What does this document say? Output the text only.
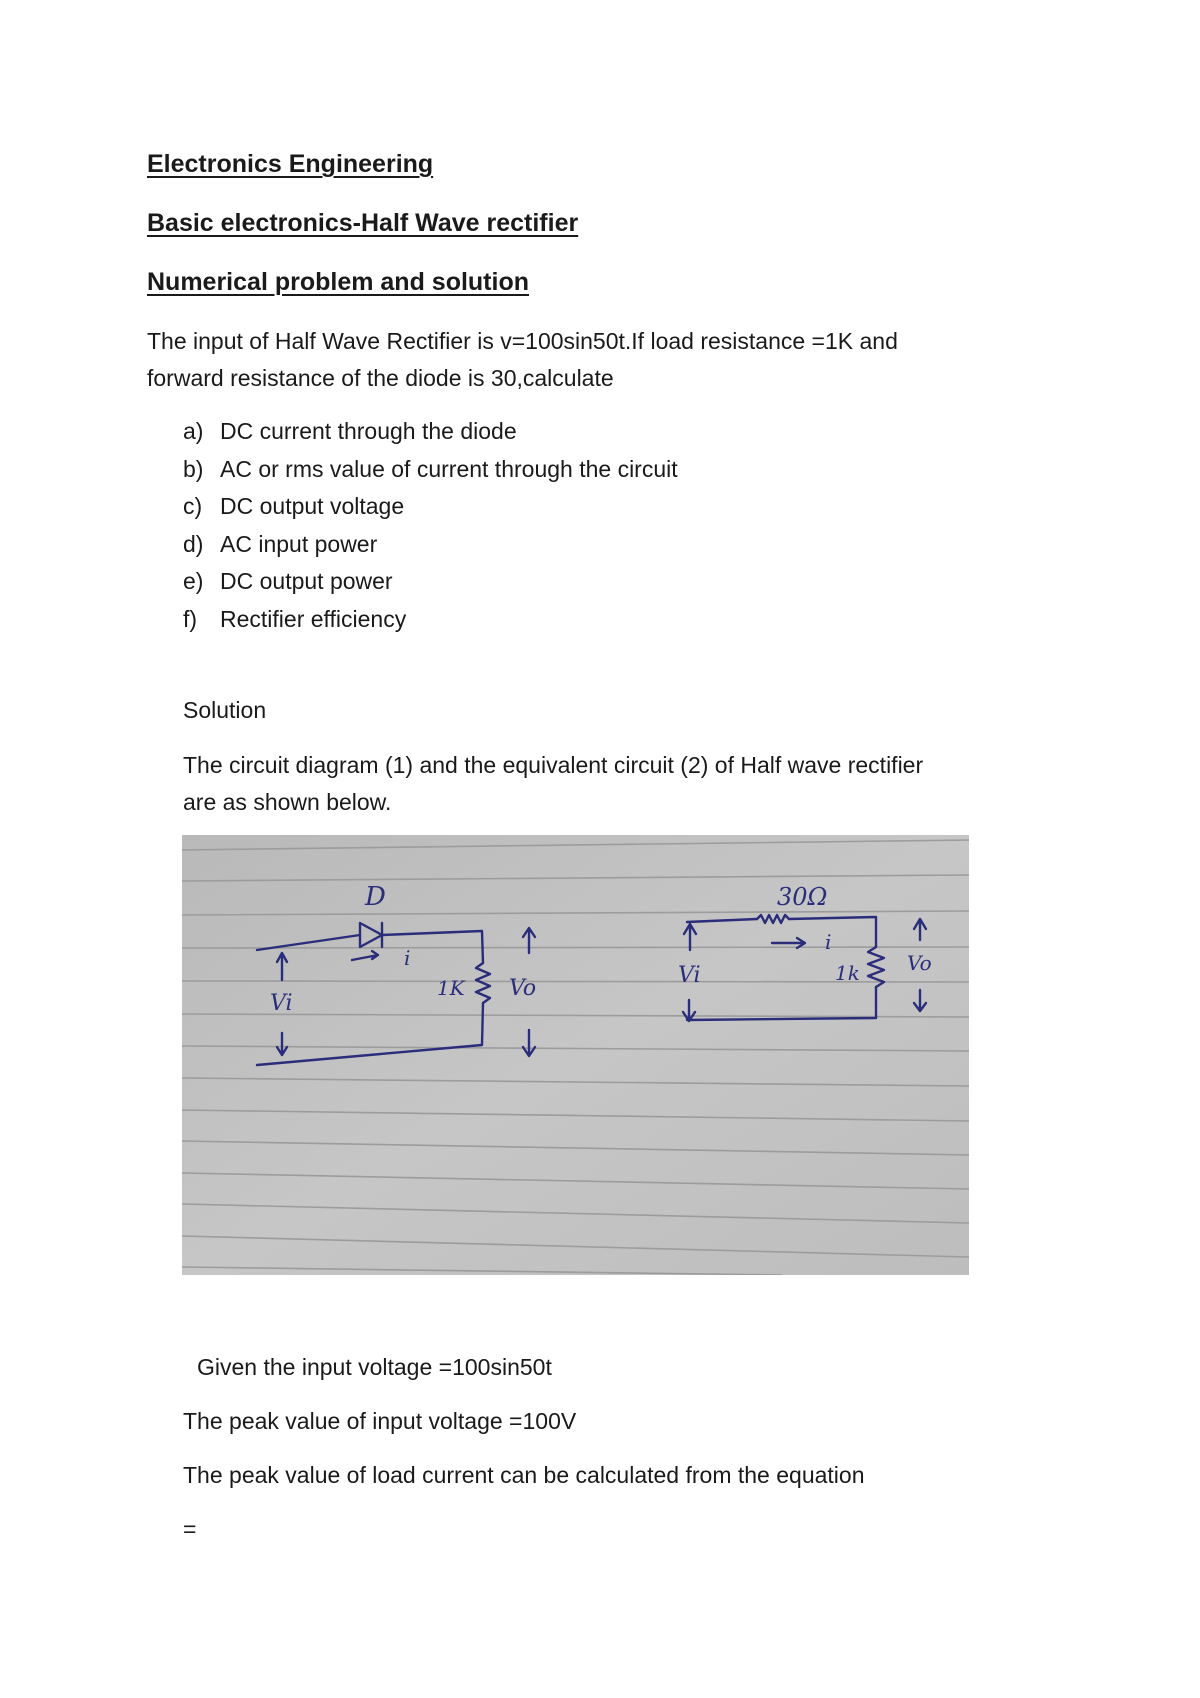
Electronics Engineering
Basic electronics-Half Wave rectifier
Numerical problem and solution
The input of Half Wave Rectifier is v=100sin50t.If load resistance =1K and
forward resistance of the diode is 30,calculate
a) DC current through the diode
b) AC or rms value of current through the circuit
c) DC output voltage
d) AC input power
e) DC output power
f) Rectifier efficiency

Solution

The circuit diagram (1) and the equivalent circuit (2) of Half wave rectifier
are as shown below.
D
i
Vi
1K Vo
30Ω
i
Vi	1k Vo

Given the input voltage =100sin50t

The peak value of input voltage =100V

The peak value of load current can be calculated from the equation

=
